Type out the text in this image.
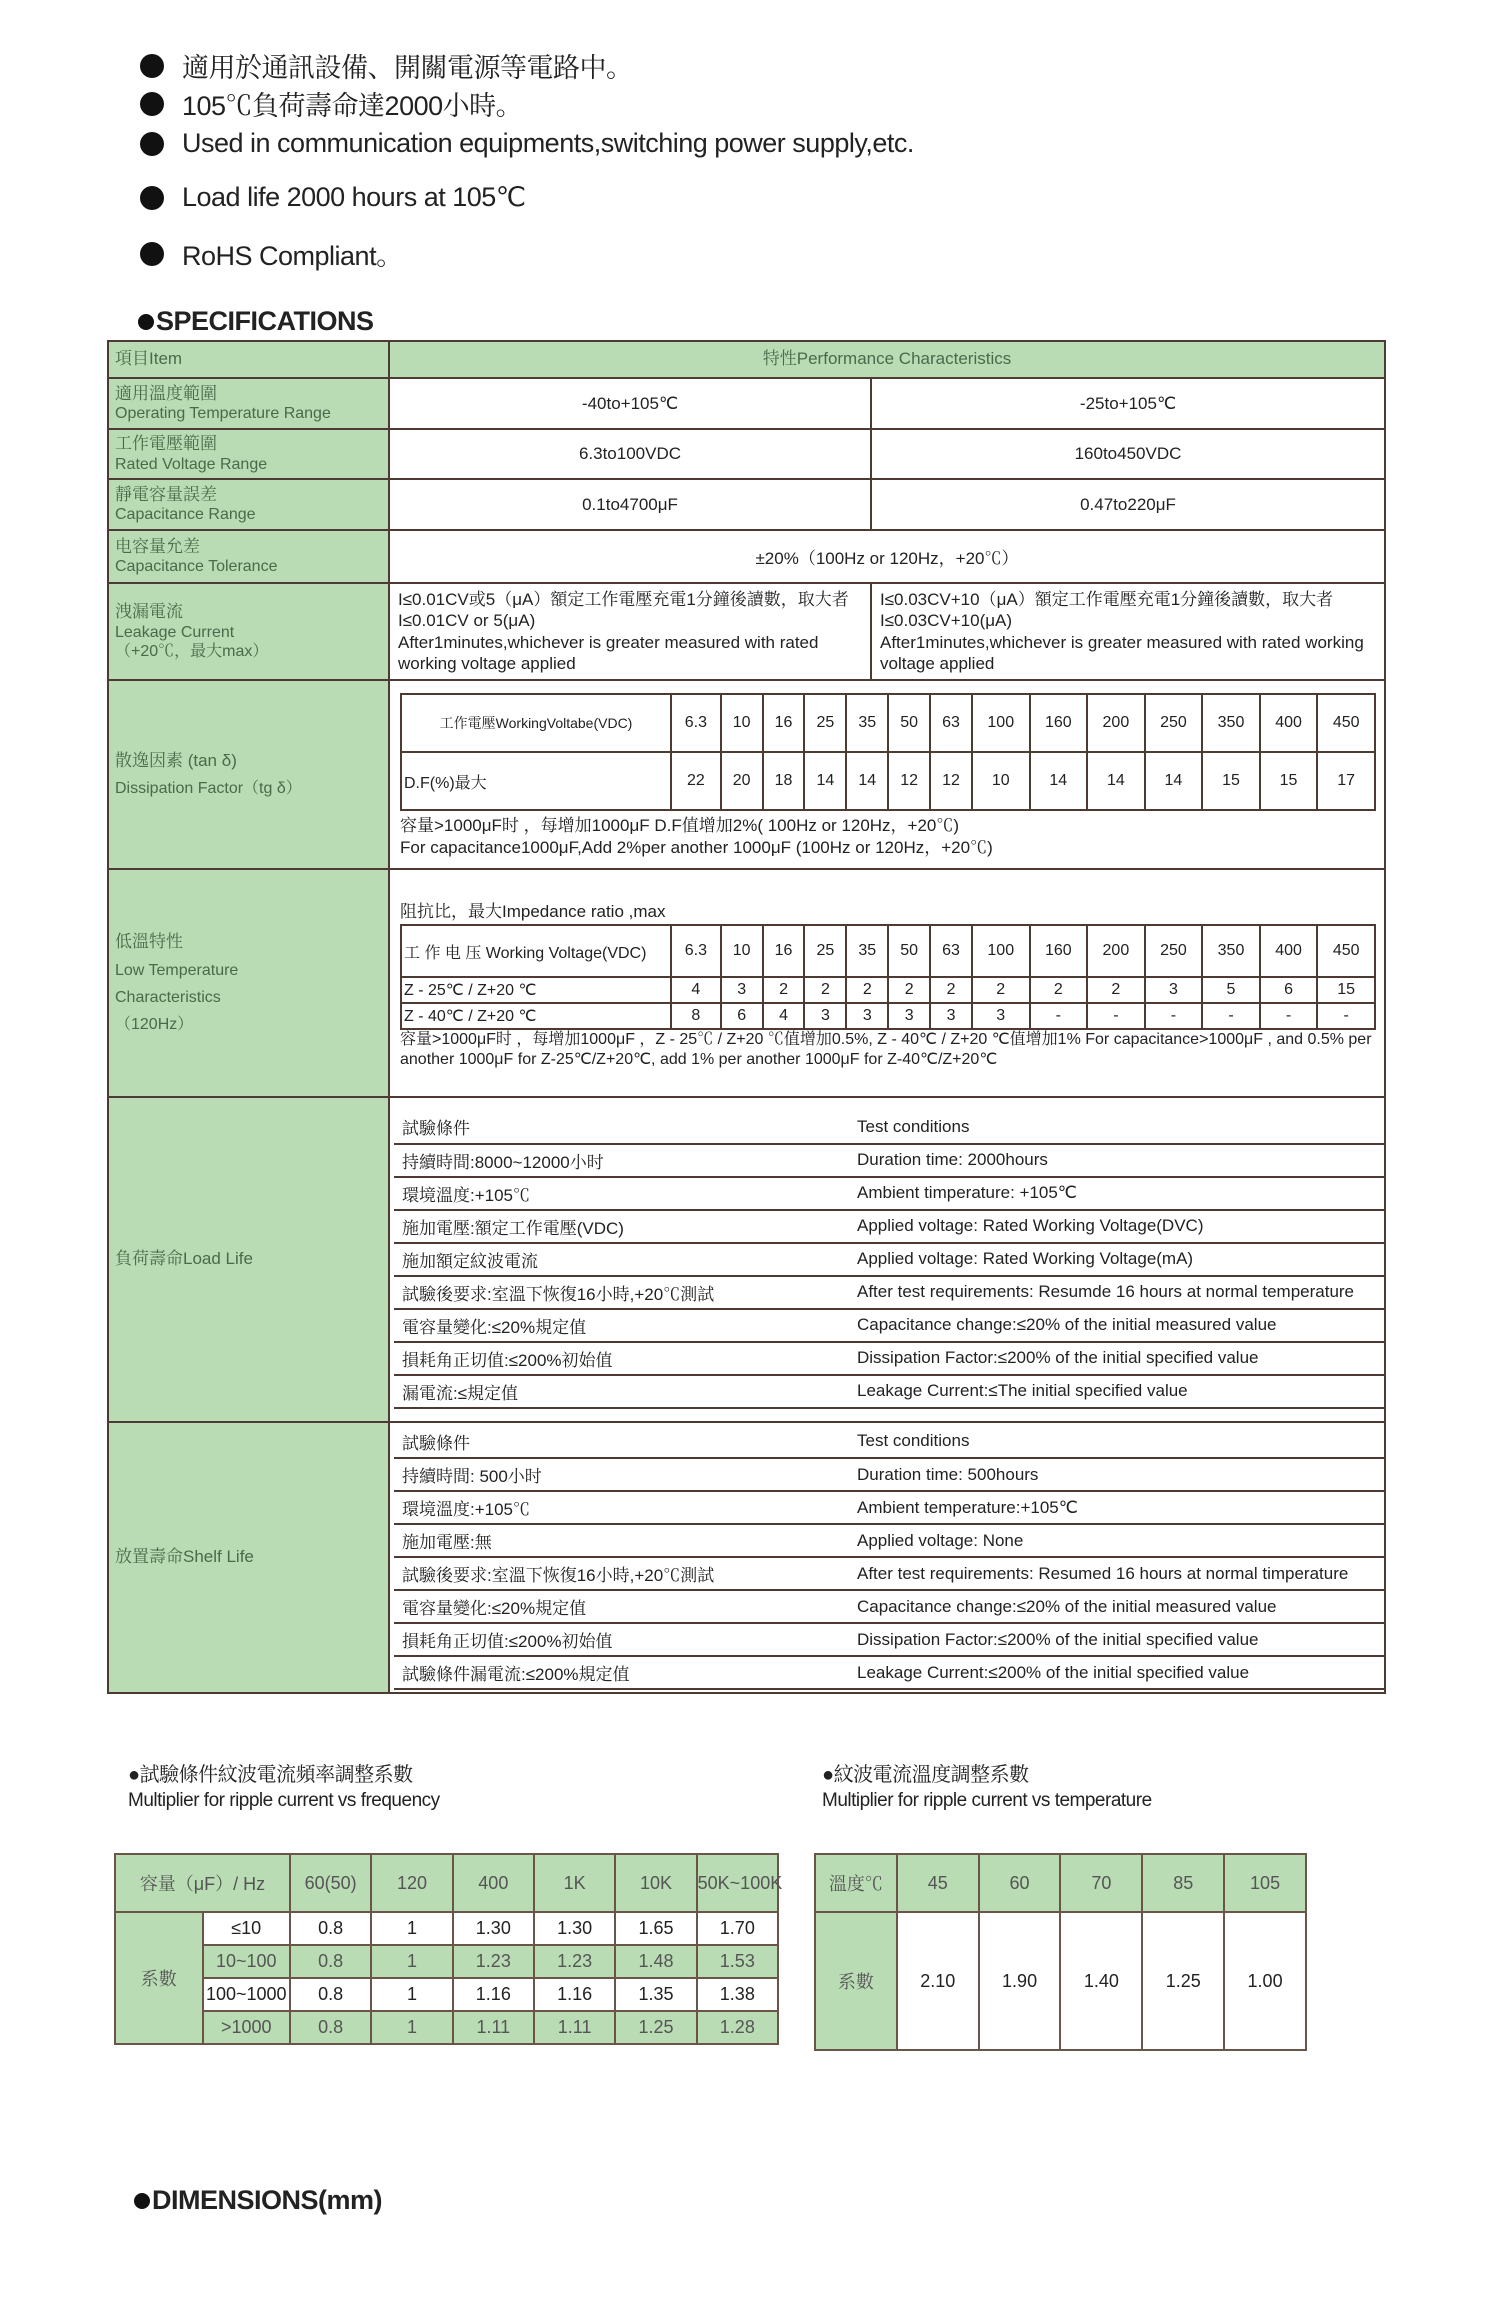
適用於通訊設備、開關電源等電路中。
105℃負荷壽命達2000小時。
Used in communication equipments,switching power supply,etc.
Load life 2000 hours at 105℃
RoHS Compliant。
SPECIFICATIONS
項目Item	特性Performance Characteristics

適用溫度範圍
Operating Temperature Range
	-40to+105℃	-25to+105℃

工作電壓範圍
Rated Voltage Range
	6.3to100VDC	160to450VDC

靜電容量誤差
Capacitance Range
	0.1to4700μF	0.47to220μF

电容量允差
Capacitance Tolerance	±20%（100Hz or 120Hz，+20℃）

洩漏電流
Leakage Current
（+20℃，最大max）

I≤0.01CV或5（μA）額定工作電壓充電1分鐘後讀數，取大者 I≤0.01CV or 5(μA)
After1minutes,whichever is greater measured with rated working voltage applied

I≤0.03CV+10（μA）額定工作電壓充電1分鐘後讀數，取大者 I≤0.03CV+10(μA)
After1minutes,whichever is greater measured with rated working voltage applied

散逸因素 (tan δ)
Dissipation Factor（tg δ）

工作電壓WorkingVoltabe(VDC)	6.3	10	16	25	35	50	63	100	160	200	250	350	400	450
D.F(%)最大	22	20	18	14	14	12	12	10	14	14	14	15	15	17
容量>1000μF时 ，每增加1000μF D.F值增加2%( 100Hz or 120Hz，+20℃)
For capacitance1000μF,Add 2%per another 1000μF (100Hz or 120Hz，+20℃)

低溫特性
Low Temperature
Characteristics
（120Hz）

阻抗比，最大Impedance ratio ,max
工 作 电 压 Working Voltage(VDC)	6.3	10	16	25	35	50	63	100	160	200	250	350	400	450
Z - 25℃ / Z+20 ℃	4	3	2	2	2	2	2	2	2	2	3	5	6	15
Z - 40℃ / Z+20 ℃	8	6	4	3	3	3	3	3	-	-	-	-	-	-
容量>1000μF时 ，每增加1000μF ，Z - 25℃ / Z+20 ℃值增加0.5%, Z - 40℃ / Z+20 ℃值增加1% For capacitance>1000μF , and 0.5% per another 1000μF for Z-25℃/Z+20℃, add 1% per another 1000μF for Z-40℃/Z+20℃

負荷壽命Load Life	
試驗條件	Test conditions
持續時間:8000~12000小时	Duration time: 2000hours
環境溫度:+105℃	Ambient timperature: +105℃
施加電壓:額定工作電壓(VDC)	Applied voltage: Rated Working Voltage(DVC)
施加額定紋波電流	Applied voltage: Rated Working Voltage(mA)
試驗後要求:室溫下恢復16小時,+20℃測試	After test requirements: Resumde 16 hours at normal temperature
電容量變化:≤20%規定值	Capacitance change:≤20% of the initial measured value
損耗角正切值:≤200%初始值	Dissipation Factor:≤200% of the initial specified value
漏電流:≤規定值	Leakage Current:≤The initial specified value

放置壽命Shelf Life	
試驗條件	Test conditions
持續時間: 500小时	Duration time: 500hours
環境溫度:+105℃	Ambient temperature:+105℃
施加電壓:無	Applied voltage: None
試驗後要求:室溫下恢復16小時,+20℃測試	After test requirements: Resumed 16 hours at normal timperature
電容量變化:≤20%規定值	Capacitance change:≤20% of the initial measured value
損耗角正切值:≤200%初始值	Dissipation Factor:≤200% of the initial specified value
試驗條件漏電流:≤200%規定值	Leakage Current:≤200% of the initial specified value
●試驗條件紋波電流頻率調整系數
Multiplier for ripple current vs frequency
●紋波電流溫度調整系數
Multiplier for ripple current vs temperature
容量（μF）/ Hz		60(50)	120	400	1K	10K	50K~100K
系數	≤10	0.8	1	1.30	1.30	1.65	1.70
	10~100	0.8	1	1.23	1.23	1.48	1.53
	100~1000	0.8	1	1.16	1.16	1.35	1.38
	>1000	0.8	1	1.11	1.11	1.25	1.28
溫度℃	45	60	70	85	105
系數	2.10	1.90	1.40	1.25	1.00
DIMENSIONS(mm)
